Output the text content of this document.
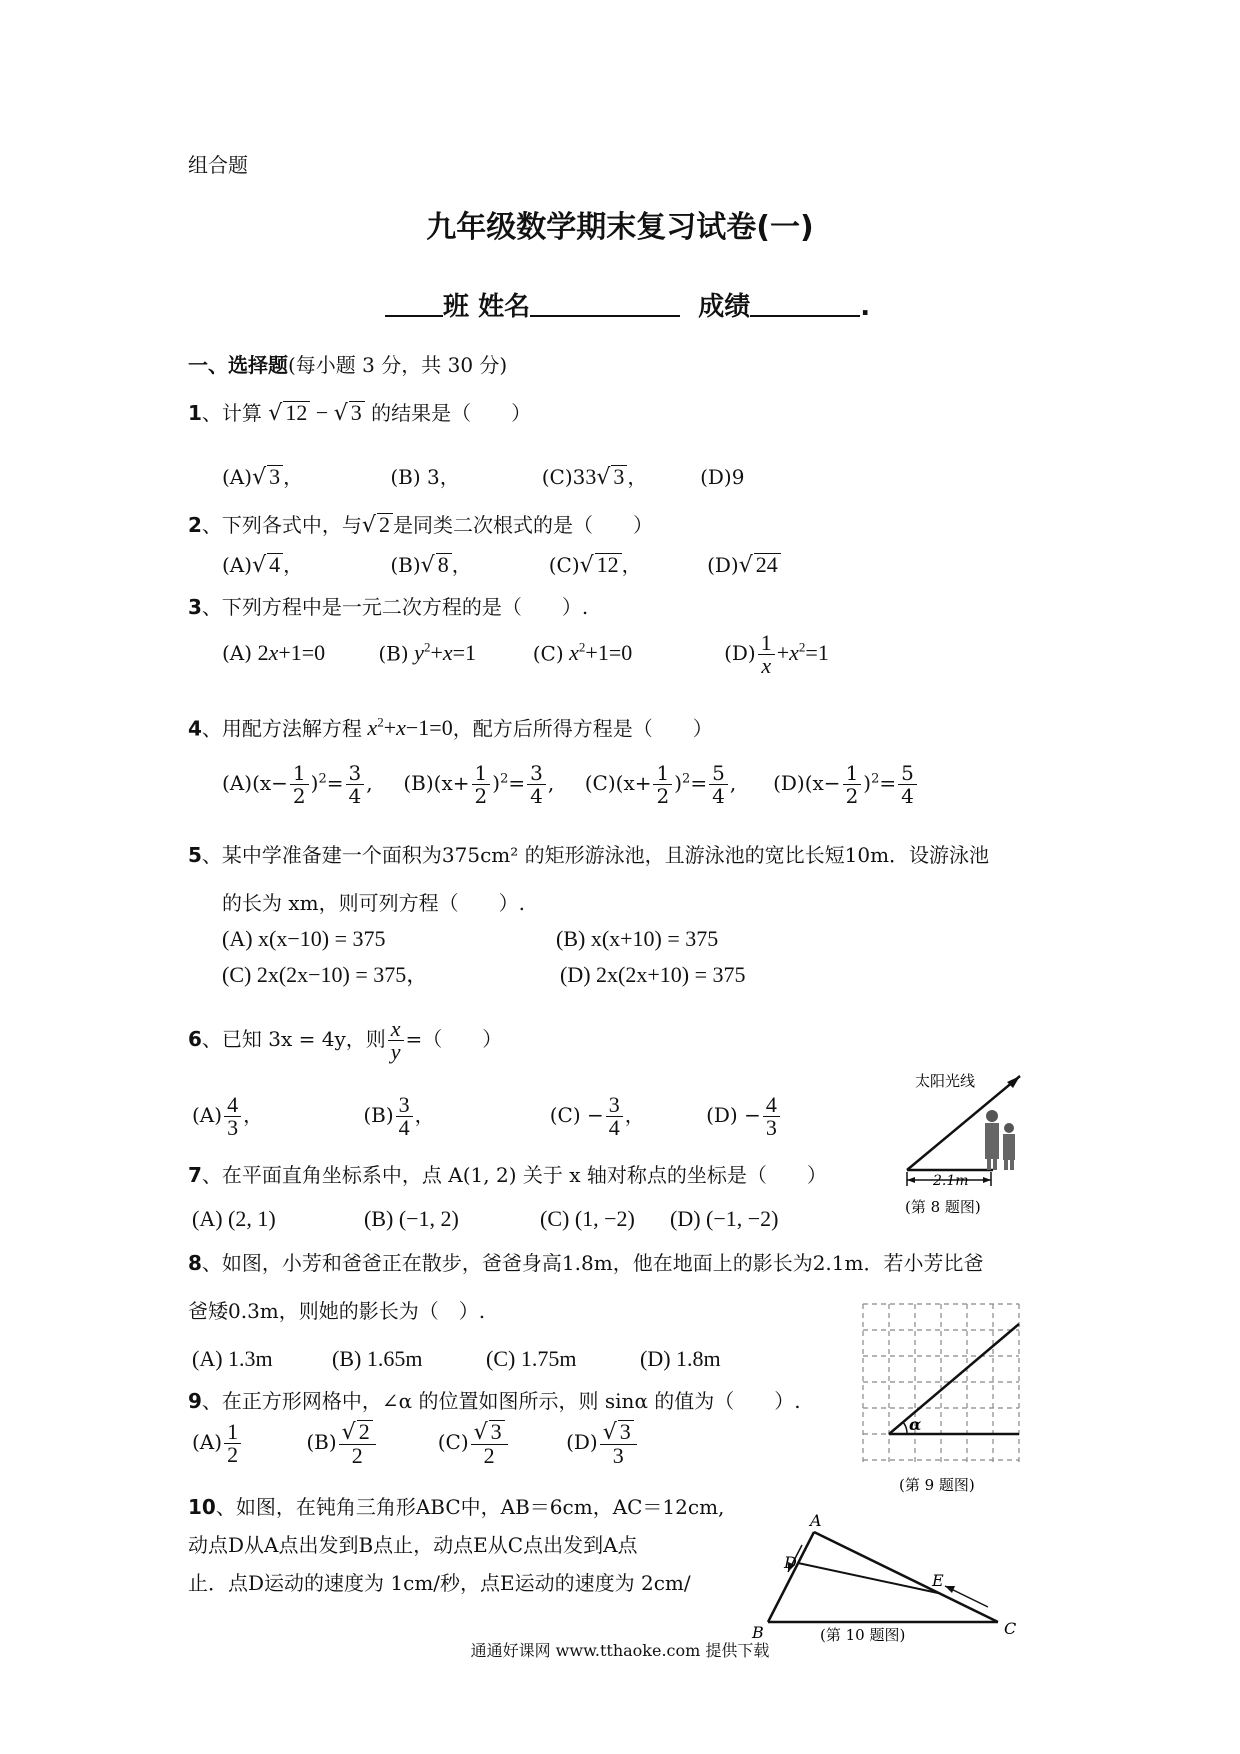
组合题
九年级数学期末复习试卷(一)
班 姓名	成绩	.
一、选择题(每小题 3 分，共 30 分)
1、计算 √ 12 − √ 3 的结果是（　　）
(A)√ 3 ，	(B) 3，	(C)33√ 3 ，	(D)9
2、下列各式中，与√ 2 是同类二次根式的是（　　）
(A)√ 4 ，	(B)√ 8 ，	(C)√ 12 ，	(D)√ 24
3、下列方程中是一元二次方程的是（　　）.
(A) 2x+1=0	(B) $y^2+x=1$	(C) $x^2+1=0$	$(D) \frac{1}{x} +x^2=1$
4、用配方法解方程 $x^2+x-1=0$，配方后所得方程是（　　）
$(A)(x- \frac{1}{2} )^2= \frac{3}{4}$ , $(B)(x+ \frac{1}{2} )^2= \frac{3}{4}$ , $(C)(x+ \frac{1}{2} )^2= \frac{5}{4}$ , $(D)(x- \frac{1}{2} )^2= \frac{5}{4}$
5、某中学准备建一个面积为375cm² 的矩形游泳池，且游泳池的宽比长短10m．设游泳池
的长为 xm，则可列方程（　　）.
(A) x(x−10) = 375	(B) x(x+10) = 375
(C) 2x(2x−10) = 375，	(D) 2x(2x+10) = 375
6、已知 3x = 4y，则 $\frac{x}{y}$ =（　　）
$(A) \frac{4}{3}$ ，	$(B) \frac{3}{4}$ ，	$(C) - \frac{3}{4}$ ，	$(D) - \frac{4}{3}$
7、在平面直角坐标系中，点 A(1, 2) 关于 x 轴对称点的坐标是（　　）
(A) (2, 1)	(B) (−1, 2)	(C) (1, −2) (D) (−1, −2)
8、如图，小芳和爸爸正在散步，爸爸身高1.8m，他在地面上的影长为2.1m．若小芳比爸
爸矮0.3m，则她的影长为（　）.
(A) 1.3m	(B) 1.65m	(C) 1.75m	(D) 1.8m
9、在正方形网格中，∠α 的位置如图所示，则 sinα 的值为（　　）.
$(A) \frac{1}{2}$	$(B) \frac{√ 2}{2}$	$(C) \frac{√ 3}{2}$	$(D) \frac{√ 3}{3}$
10、如图，在钝角三角形ABC中，AB＝6cm，AC＝12cm,
动点D从A点出发到B点止，动点E从C点出发到A点
止．点D运动的速度为 1cm/秒，点E运动的速度为 2cm/
太阳光线
2.1m
(第 8 题图)
α
(第 9 题图)
A
B	C
D
E
(第 10 题图)
通通好课网 www.tthaoke.com 提供下载
